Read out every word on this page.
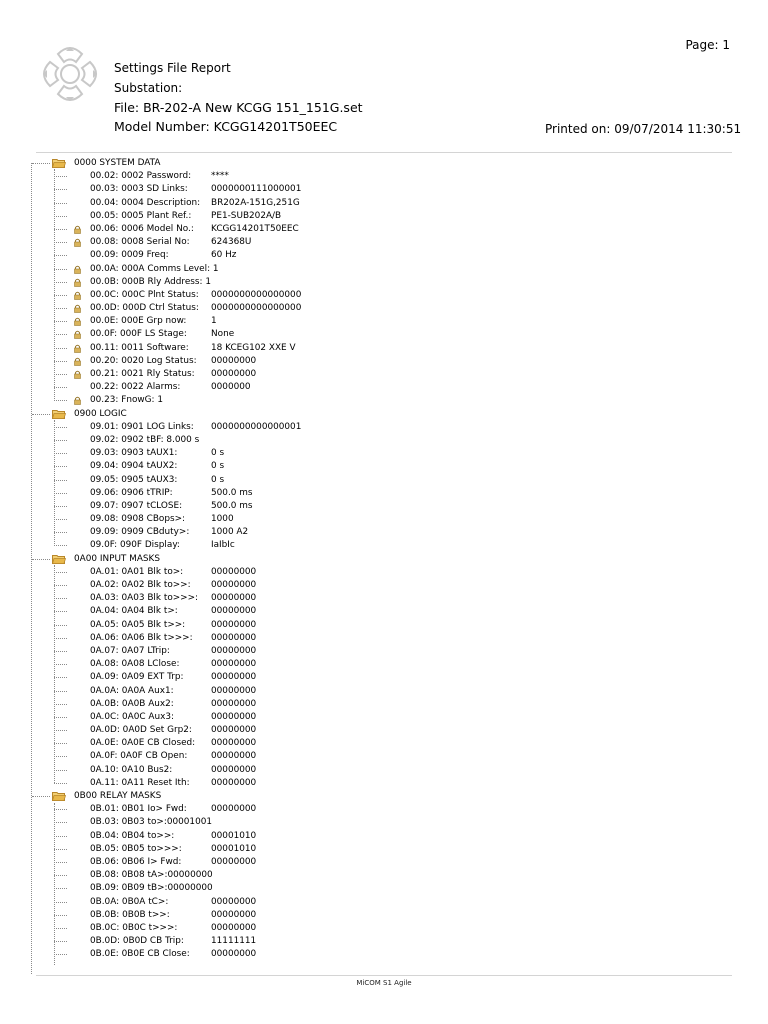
Page: 1
Settings File Report
Substation:
File: BR-202-A New KCGG 151_151G.set
Model Number: KCGG14201T50EEC	Printed on: 09/07/2014 11:30:51
0000 SYSTEM DATA
00.02: 0002 Password: ****
00.03: 0003 SD Links:	0000000111000001
00.04: 0004 Description: BR202A-151G,251G
00.05: 0005 Plant Ref.: PE1-SUB202A/B
00.06: 0006 Model No.: KCGG14201T50EEC
00.08: 0008 Serial No: 624368U
00.09: 0009 Freq:	60 Hz
00.0A: 000A Comms Level: 1
00.0B: 000B Rly Address: 1
00.0C: 000C Plnt Status: 0000000000000000
00.0D: 000D Ctrl Status: 0000000000000000
00.0E: 000E Grp now:	1
00.0F: 000F LS Stage:	None
00.11: 0011 Software:	18 KCEG102 XXE V
00.20: 0020 Log Status: 00000000
00.21: 0021 Rly Status: 00000000
00.22: 0022 Alarms:	0000000
00.23: FnowG: 1
0900 LOGIC
09.01: 0901 LOG Links: 0000000000000001
09.02: 0902 tBF: 8.000 s
09.03: 0903 tAUX1:	0 s
09.04: 0904 tAUX2:	0 s
09.05: 0905 tAUX3:	0 s
09.06: 0906 tTRIP:	500.0 ms
09.07: 0907 tCLOSE:	500.0 ms
09.08: 0908 CBops>:	1000
09.09: 0909 CBduty>: 1000 A2
09.0F: 090F Display:	IaIbIc
0A00 INPUT MASKS
0A.01: 0A01 Blk to>:	00000000
0A.02: 0A02 Blk to>>: 00000000
0A.03: 0A03 Blk to>>>: 00000000
0A.04: 0A04 Blk t>:	00000000
0A.05: 0A05 Blk t>>:	00000000
0A.06: 0A06 Blk t>>>: 00000000
0A.07: 0A07 LTrip:	00000000
0A.08: 0A08 LClose:	00000000
0A.09: 0A09 EXT Trp:	00000000
0A.0A: 0A0A Aux1:	00000000
0A.0B: 0A0B Aux2:	00000000
0A.0C: 0A0C Aux3:	00000000
0A.0D: 0A0D Set Grp2: 00000000
0A.0E: 0A0E CB Closed: 00000000
0A.0F: 0A0F CB Open:	00000000
0A.10: 0A10 Bus2:	00000000
0A.11: 0A11 Reset Ith: 00000000
0B00 RELAY MASKS
0B.01: 0B01 Io> Fwd:	00000000
0B.03: 0B03 to>:00001001
0B.04: 0B04 to>>:	00001010
0B.05: 0B05 to>>>:	00001010
0B.06: 0B06 I> Fwd:	00000000
0B.08: 0B08 tA>:00000000
0B.09: 0B09 tB>:00000000
0B.0A: 0B0A tC>:	00000000
0B.0B: 0B0B t>>:	00000000
0B.0C: 0B0C t>>>:	00000000
0B.0D: 0B0D CB Trip:	11111111
0B.0E: 0B0E CB Close: 00000000
MiCOM S1 Agile
